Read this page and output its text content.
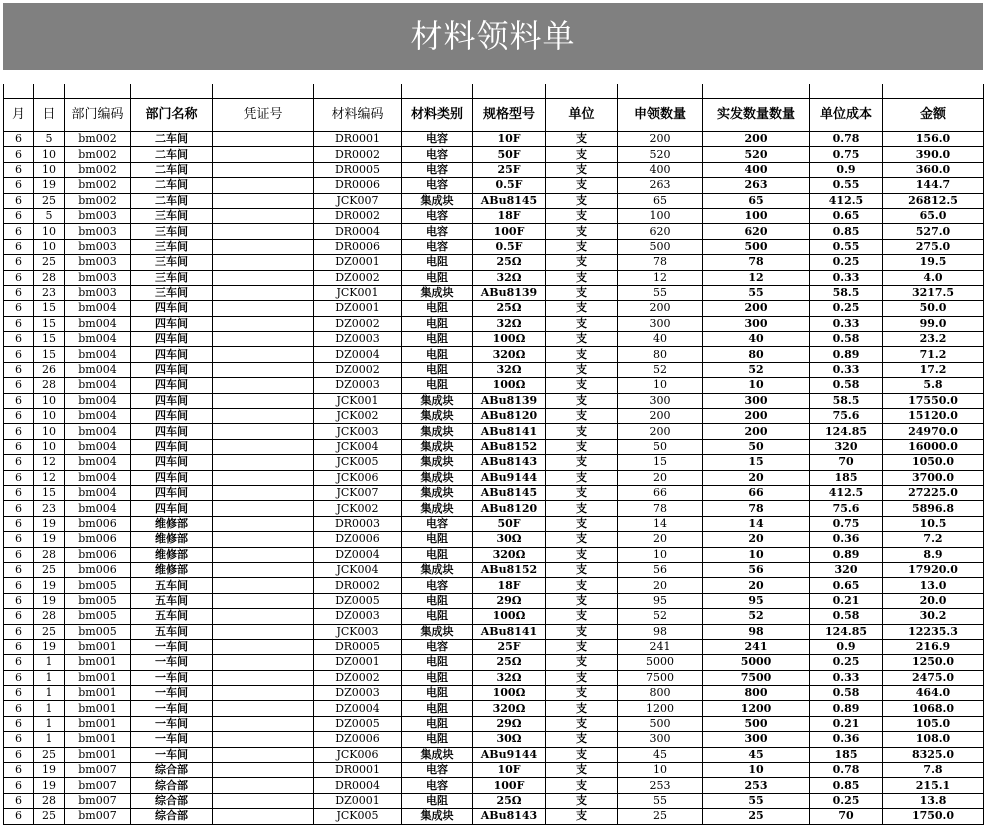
材料领料单

月	日	部门编码	部门名称	凭证号	材料编码	材料类别	规格型号	单位	申领数量	实发数量数量	单位成本	金额
6	5	bm002	二车间		DR0001	电容	10F	支	200	200	0.78	156.0
6	10	bm002	二车间		DR0002	电容	50F	支	520	520	0.75	390.0
6	10	bm002	二车间		DR0005	电容	25F	支	400	400	0.9	360.0
6	19	bm002	二车间		DR0006	电容	0.5F	支	263	263	0.55	144.7
6	25	bm002	二车间		JCK007	集成块	ABu8145	支	65	65	412.5	26812.5
6	5	bm003	三车间		DR0002	电容	18F	支	100	100	0.65	65.0
6	10	bm003	三车间		DR0004	电容	100F	支	620	620	0.85	527.0
6	10	bm003	三车间		DR0006	电容	0.5F	支	500	500	0.55	275.0
6	25	bm003	三车间		DZ0001	电阻	25Ω	支	78	78	0.25	19.5
6	28	bm003	三车间		DZ0002	电阻	32Ω	支	12	12	0.33	4.0
6	23	bm003	三车间		JCK001	集成块	ABu8139	支	55	55	58.5	3217.5
6	15	bm004	四车间		DZ0001	电阻	25Ω	支	200	200	0.25	50.0
6	15	bm004	四车间		DZ0002	电阻	32Ω	支	300	300	0.33	99.0
6	15	bm004	四车间		DZ0003	电阻	100Ω	支	40	40	0.58	23.2
6	15	bm004	四车间		DZ0004	电阻	320Ω	支	80	80	0.89	71.2
6	26	bm004	四车间		DZ0002	电阻	32Ω	支	52	52	0.33	17.2
6	28	bm004	四车间		DZ0003	电阻	100Ω	支	10	10	0.58	5.8
6	10	bm004	四车间		JCK001	集成块	ABu8139	支	300	300	58.5	17550.0
6	10	bm004	四车间		JCK002	集成块	ABu8120	支	200	200	75.6	15120.0
6	10	bm004	四车间		JCK003	集成块	ABu8141	支	200	200	124.85	24970.0
6	10	bm004	四车间		JCK004	集成块	ABu8152	支	50	50	320	16000.0
6	12	bm004	四车间		JCK005	集成块	ABu8143	支	15	15	70	1050.0
6	12	bm004	四车间		JCK006	集成块	ABu9144	支	20	20	185	3700.0
6	15	bm004	四车间		JCK007	集成块	ABu8145	支	66	66	412.5	27225.0
6	23	bm004	四车间		JCK002	集成块	ABu8120	支	78	78	75.6	5896.8
6	19	bm006	维修部		DR0003	电容	50F	支	14	14	0.75	10.5
6	19	bm006	维修部		DZ0006	电阻	30Ω	支	20	20	0.36	7.2
6	28	bm006	维修部		DZ0004	电阻	320Ω	支	10	10	0.89	8.9
6	25	bm006	维修部		JCK004	集成块	ABu8152	支	56	56	320	17920.0
6	19	bm005	五车间		DR0002	电容	18F	支	20	20	0.65	13.0
6	19	bm005	五车间		DZ0005	电阻	29Ω	支	95	95	0.21	20.0
6	28	bm005	五车间		DZ0003	电阻	100Ω	支	52	52	0.58	30.2
6	25	bm005	五车间		JCK003	集成块	ABu8141	支	98	98	124.85	12235.3
6	19	bm001	一车间		DR0005	电容	25F	支	241	241	0.9	216.9
6	1	bm001	一车间		DZ0001	电阻	25Ω	支	5000	5000	0.25	1250.0
6	1	bm001	一车间		DZ0002	电阻	32Ω	支	7500	7500	0.33	2475.0
6	1	bm001	一车间		DZ0003	电阻	100Ω	支	800	800	0.58	464.0
6	1	bm001	一车间		DZ0004	电阻	320Ω	支	1200	1200	0.89	1068.0
6	1	bm001	一车间		DZ0005	电阻	29Ω	支	500	500	0.21	105.0
6	1	bm001	一车间		DZ0006	电阻	30Ω	支	300	300	0.36	108.0
6	25	bm001	一车间		JCK006	集成块	ABu9144	支	45	45	185	8325.0
6	19	bm007	综合部		DR0001	电容	10F	支	10	10	0.78	7.8
6	19	bm007	综合部		DR0004	电容	100F	支	253	253	0.85	215.1
6	28	bm007	综合部		DZ0001	电阻	25Ω	支	55	55	0.25	13.8
6	25	bm007	综合部		JCK005	集成块	ABu8143	支	25	25	70	1750.0
